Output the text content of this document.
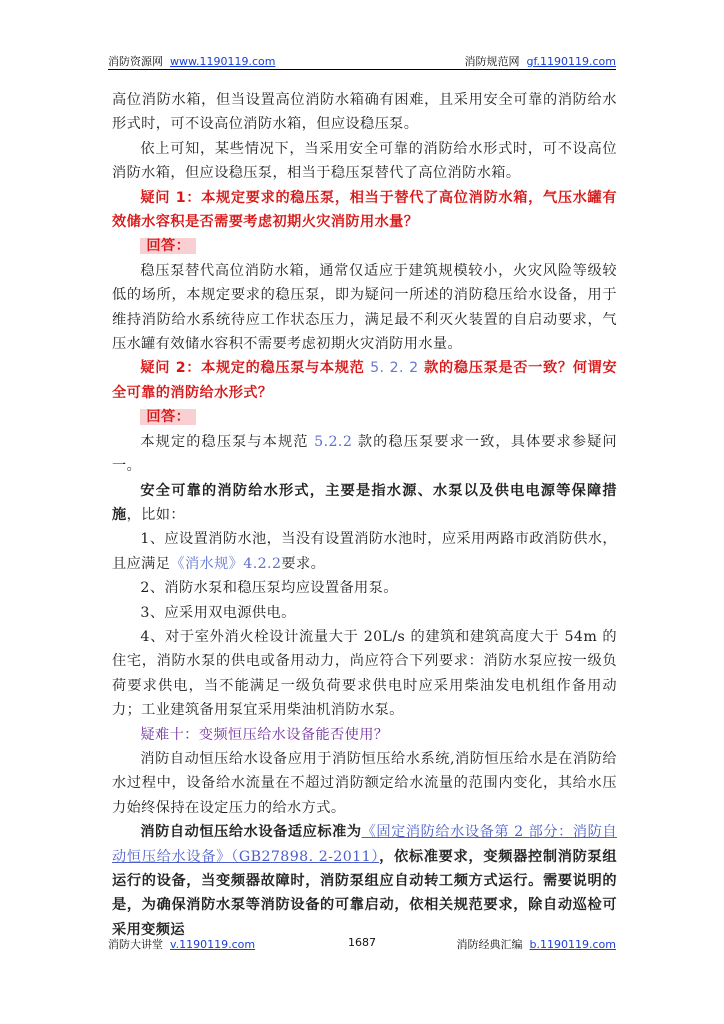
消防资源网 www.1190119.com	消防规范网 gf.1190119.com

高位消防水箱，但当设置高位消防水箱确有困难，且采用安全可靠的消防给水形式时，可不设高位消防水箱，但应设稳压泵。

依上可知，某些情况下，当采用安全可靠的消防给水形式时，可不设高位消防水箱，但应设稳压泵，相当于稳压泵替代了高位消防水箱。

疑问 1：本规定要求的稳压泵，相当于替代了高位消防水箱，气压水罐有效储水容积是否需要考虑初期火灾消防用水量？

回答：

稳压泵替代高位消防水箱，通常仅适应于建筑规模较小，火灾风险等级较低的场所，本规定要求的稳压泵，即为疑问一所述的消防稳压给水设备，用于维持消防给水系统待应工作状态压力，满足最不利灭火装置的自启动要求，气压水罐有效储水容积不需要考虑初期火灾消防用水量。

疑问 2：本规定的稳压泵与本规范 5. 2. 2 款的稳压泵是否一致？何谓安全可靠的消防给水形式？

回答：

本规定的稳压泵与本规范 5.2.2 款的稳压泵要求一致，具体要求参疑问一。

安全可靠的消防给水形式，主要是指水源、水泵以及供电电源等保障措施，比如：

1、应设置消防水池，当没有设置消防水池时，应采用两路市政消防供水，且应满足《消水规》4.2.2要求。

2、消防水泵和稳压泵均应设置备用泵。

3、应采用双电源供电。

4、对于室外消火栓设计流量大于 20L/s 的建筑和建筑高度大于 54m 的住宅，消防水泵的供电或备用动力，尚应符合下列要求：消防水泵应按一级负荷要求供电，当不能满足一级负荷要求供电时应采用柴油发电机组作备用动力；工业建筑备用泵宜采用柴油机消防水泵。

疑难十：变频恒压给水设备能否使用？

消防自动恒压给水设备应用于消防恒压给水系统,消防恒压给水是在消防给水过程中，设备给水流量在不超过消防额定给水流量的范围内变化，其给水压力始终保持在设定压力的给水方式。

消防自动恒压给水设备适应标准为《固定消防给水设备第 2 部分：消防自动恒压给水设备》（GB27898. 2-2011），依标准要求，变频器控制消防泵组运行的设备，当变频器故障时，消防泵组应自动转工频方式运行。需要说明的是，为确保消防水泵等消防设备的可靠启动，依相关规范要求，除自动巡检可采用变频运

消防大讲堂 v.1190119.com	1687	消防经典汇编 b.1190119.com
